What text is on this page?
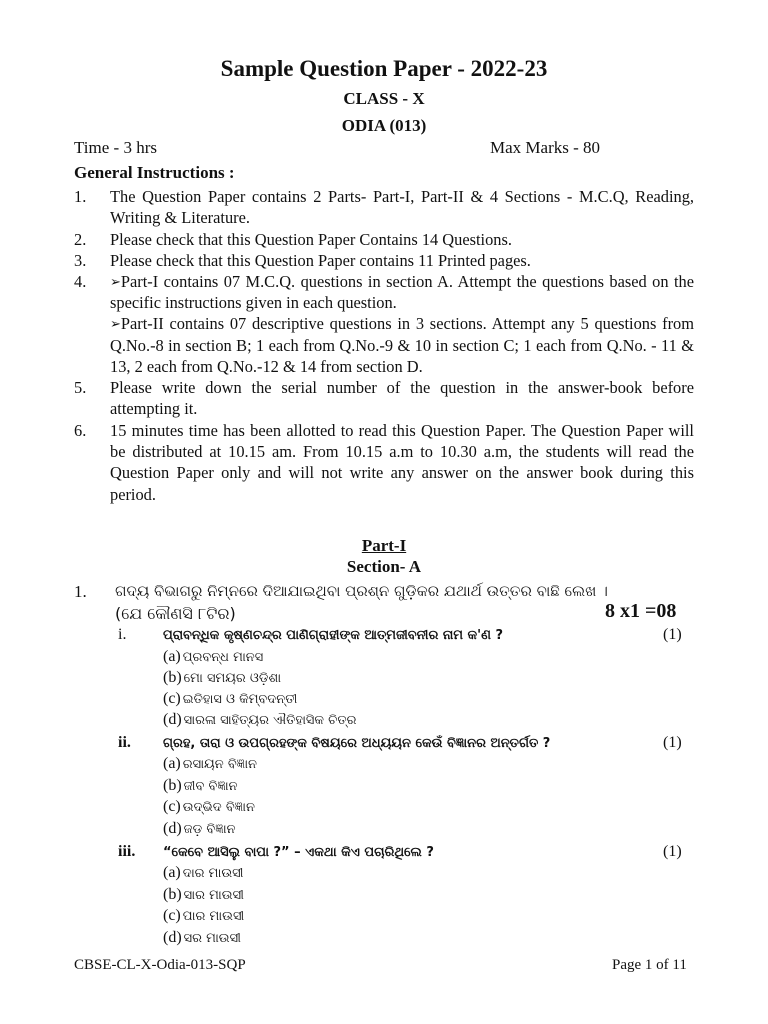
Sample Question Paper - 2022-23
CLASS - X
ODIA (013)
Time - 3 hrs	Max Marks - 80
General Instructions :
1.	The Question Paper contains 2 Parts- Part-I, Part-II & 4 Sections - M.C.Q, Reading, Writing & Literature.

2.	Please check that this Question Paper Contains 14 Questions.

3.	Please check that this Question Paper contains 11 Printed pages.

4.	➢Part-I contains 07 M.C.Q. questions in section A. Attempt the questions based on the specific instructions given in each question.

➢Part-II contains 07 descriptive questions in 3 sections. Attempt any 5 questions from Q.No.-8 in section B; 1 each from Q.No.-9 & 10 in section C; 1 each from Q.No. - 11 & 13, 2 each from Q.No.-12 & 14 from section D.

5.	Please write down the serial number of the question in the answer-book before attempting it.

6.	15 minutes time has been allotted to read this Question Paper. The Question Paper will be distributed at 10.15 am. From 10.15 a.m to 10.30 a.m, the students will read the Question Paper only and will not write any answer on the answer book during this period.

Part-I
Section- A
1. ଗଦ୍ୟ ବିଭାଗରୁ ନିମ୍ନରେ ଦିଆଯାଇଥିବା ପ୍ରଶ୍ନ ଗୁଡ଼ିକର ଯଥାର୍ଥ ଉତ୍ତର ବାଛି ଲେଖ ।
(ଯେ କୌଣସି ୮ଟିର)	8 x1 =08
i.	ପ୍ରାବନ୍ଧିକ କୃଷ୍ଣଚନ୍ଦ୍ର ପାଣିଗ୍ରାହୀଙ୍କ ଆତ୍ମଜୀବନୀର ନାମ କ'ଣ ?	(1)
(a) ପ୍ରବନ୍ଧ ମାନସ
(b) ମୋ ସମୟର ଓଡ଼ିଶା
(c) ଇତିହାସ ଓ କିମ୍ବଦନ୍ତୀ
(d) ସାରଳା ସାହିତ୍ୟର ଐତିହାସିକ ଚିତ୍ର
ii. ଗ୍ରହ, ତାରା ଓ ଉପଗ୍ରହଙ୍କ ବିଷୟରେ ଅଧ୍ୟୟନ କେଉଁ ବିଜ୍ଞାନର ଅନ୍ତର୍ଗତ ?	(1)
(a) ରସାୟନ ବିଜ୍ଞାନ
(b) ଜୀବ ବିଜ୍ଞାନ
(c) ଉଦ୍ଭିଦ ବିଜ୍ଞାନ
(d) ଜଡ଼ ବିଜ୍ଞାନ
iii. “କେବେ ଆସିଲୁ ବାପା ?” – ଏକଥା କିଏ ପଚାରିଥିଲେ ?	(1)
(a) ଦାର ମାଉସୀ
(b) ସାର ମାଉସୀ
(c) ପାର ମାଉସୀ
(d) ସର ମାଉସୀ
CBSE-CL-X-Odia-013-SQP	Page 1 of 11
